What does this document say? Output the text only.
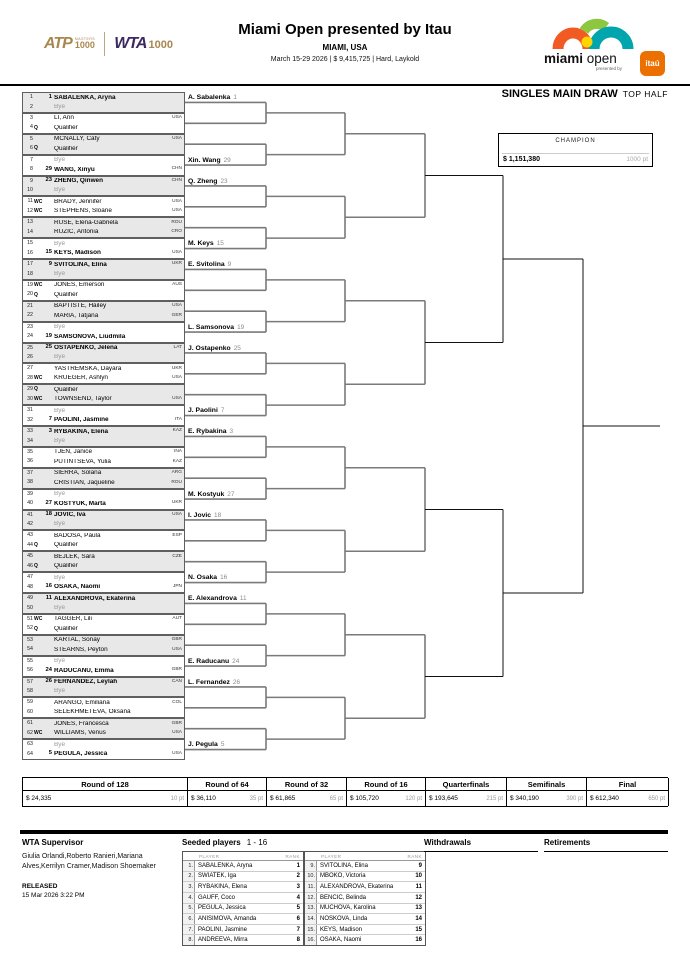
ATP MASTERS
1000 WTA 1000
Miami Open presented by Itau
MIAMI, USA
March 15-29 2026 | $ 9,415,725 | Hard, Laykold	miami open
presented by
itaú
SINGLES MAIN DRAW TOP HALF
1	1 SABALENKA, Aryna
2	Bye
3	LI, Ann	USA
4 Q	Qualifier
5	MCNALLY, Caty	USA
6 Q	Qualifier
7	Bye
8 29 WANG, Xinyu	CHN
9 23 ZHENG, Qinwen	CHN
10	Bye
11 WC BRADY, Jennifer	USA
12 WC STEPHENS, Sloane	USA
13	RUSE, Elena-Gabriela	ROU
14	RUZIC, Antonia	CRO
15	Bye
16 15 KEYS, Madison	USA
17	9 SVITOLINA, Elina	UKR
18	Bye
19 WC JONES, Emerson	AUS
20 Q	Qualifier
21	BAPTISTE, Hailey	USA
22	MARIA, Tatjana	GER
23	Bye
24 19 SAMSONOVA, Liudmila
25 25 OSTAPENKO, Jelena	LAT
26	Bye
27	YASTREMSKA, Dayara	UKR
28 WC KRUEGER, Ashlyn	USA
29 Q	Qualifier
30 WC TOWNSEND, Taylor	USA
31	Bye
32	7 PAOLINI, Jasmine	ITA
33	3 RYBAKINA, Elena	KAZ
34	Bye
35	TJEN, Janice	INA
36	PUTINTSEVA, Yulia	KAZ
37	SIERRA, Solana	ARG
38	CRISTIAN, Jaqueline	ROU
39	Bye
40 27 KOSTYUK, Marta	UKR
41 18 JOVIC, Iva	USA
42	Bye
43	BADOSA, Paula	ESP
44 Q	Qualifier
45	BEJLEK, Sara	CZE
46 Q	Qualifier
47	Bye
48 16 OSAKA, Naomi	JPN
49	11 ALEXANDROVA, Ekaterina
50	Bye
51 WC TAGGER, Lili	AUT
52 Q	Qualifier
53	KARTAL, Sonay	GBR
54	STEARNS, Peyton	USA
55	Bye
56 24 RADUCANU, Emma	GBR
57 26 FERNANDEZ, Leylah	CAN
58	Bye
59	ARANGO, Emiliana	COL
60	SELEKHMETEVA, Oksana
61	JONES, Francesca	GBR
62 WC WILLIAMS, Venus	USA
63	Bye
64	5 PEGULA, Jessica	USA
A. Sabalenka 1
Xin. Wang 29
Q. Zheng 23
M. Keys 15
E. Svitolina 9
L. Samsonova 19
J. Ostapenko 25
J. Paolini 7
E. Rybakina 3
M. Kostyuk 27
I. Jovic 18
N. Osaka 16
E. Alexandrova 11
E. Raducanu 24
L. Fernandez 26
J. Pegula 5
CHAMPION
$ 1,151,380	1000 pt
Round of 128
$ 24,335	10 pt
Round of 64
$ 36,110	35 pt
Round of 32
$ 61,865	65 pt
Round of 16
$ 105,720	120 pt
Quarterfinals
$ 193,645	215 pt
Semifinals
$ 340,190	390 pt
Final
$ 612,340	650 pt
WTA Supervisor
Giulia Orlandi,Roberto Ranieri,Mariana Alves,Kerrilyn Cramer,Madison Shoemaker
RELEASED
15 Mar 2026 3:22 PM
Seeded players 1 - 16
PLAYER	RANK
1. SABALENKA, Aryna	1
2. SWIATEK, Iga	2
3. RYBAKINA, Elena	3
4. GAUFF, Coco	4
5. PEGULA, Jessica	5
6. ANISIMOVA, Amanda	6
7. PAOLINI, Jasmine	7
8. ANDREEVA, Mirra	8
PLAYER	RANK
9. SVITOLINA, Elina	9
10. MBOKO, Victoria	10
11. ALEXANDROVA, Ekaterina	11
12. BENCIC, Belinda	12
13. MUCHOVA, Karolina	13
14. NOSKOVA, Linda	14
15. KEYS, Madison	15
16. OSAKA, Naomi	16
Withdrawals	Retirements
